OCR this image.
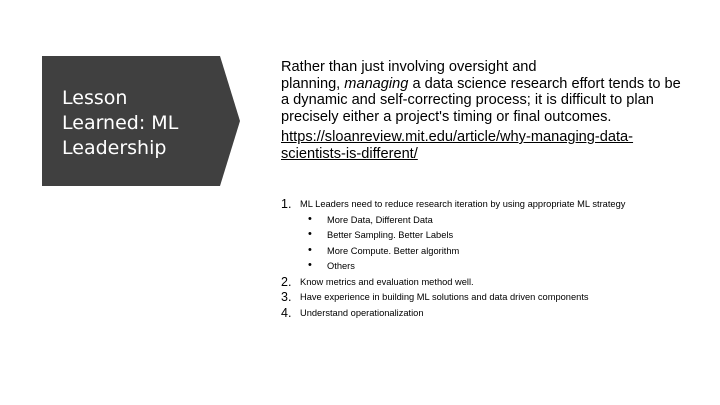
Lesson
Learned: ML
Leadership

Rather than just involving oversight and
planning, managing a data science research effort tends to be a dynamic and self-correcting process; it is difficult to plan precisely either a project's timing or final outcomes.

https://sloanreview.mit.edu/article/why-managing-data-scientists-is-different/
1. ML Leaders need to reduce research iteration by using appropriate ML strategy
• More Data, Different Data
• Better Sampling. Better Labels
• More Compute. Better algorithm
• Others
2. Know metrics and evaluation method well.
3. Have experience in building ML solutions and data driven components
4. Understand operationalization
